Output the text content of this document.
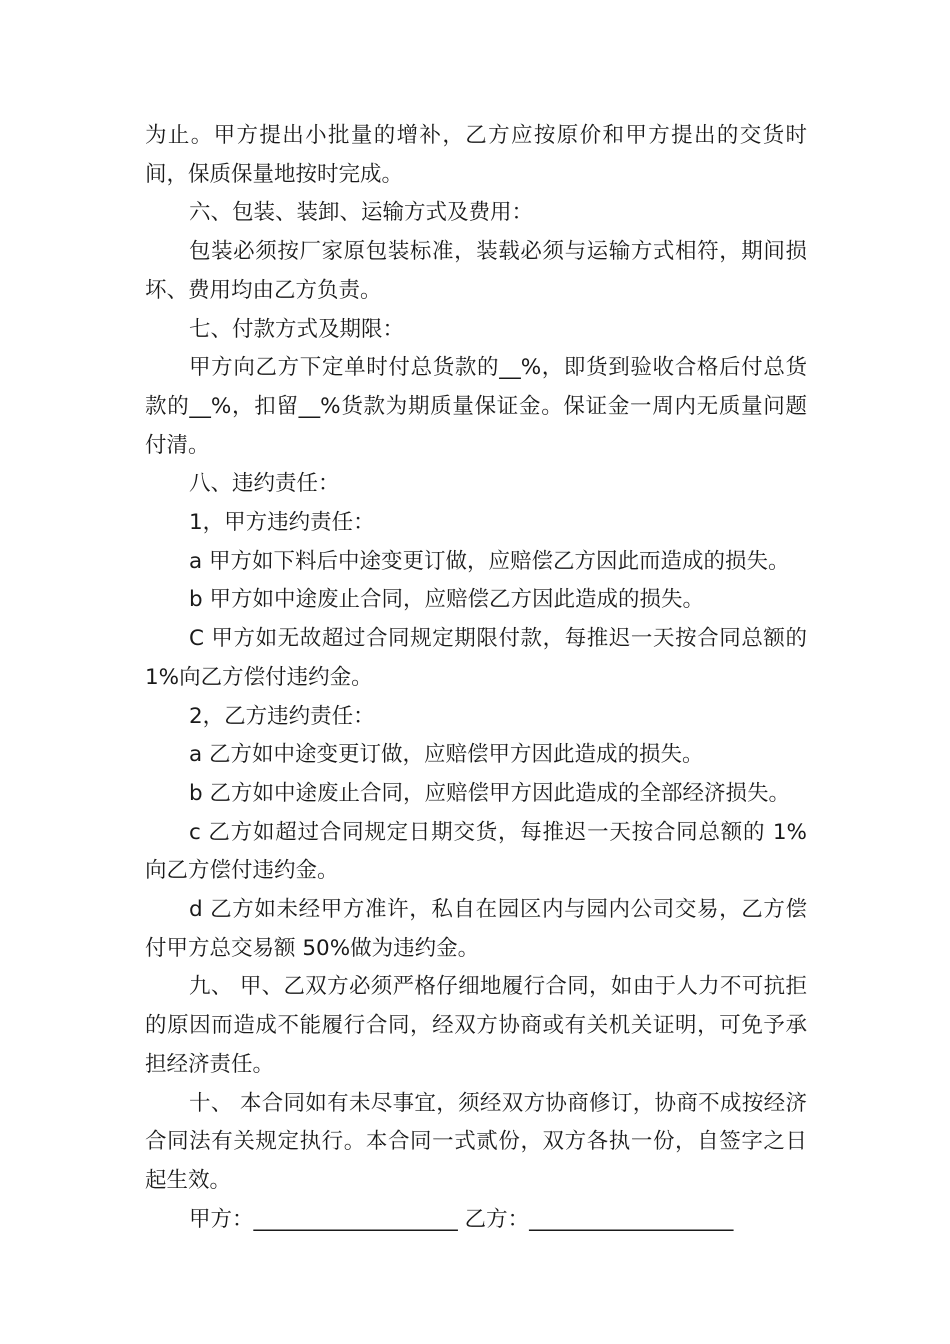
为止。甲方提出小批量的增补，乙方应按原价和甲方提出的交货时间，保质保量地按时完成。

六、包装、装卸、运输方式及费用：

包装必须按厂家原包装标准，装载必须与运输方式相符，期间损坏、费用均由乙方负责。

七、付款方式及期限：

甲方向乙方下定单时付总货款的__%，即货到验收合格后付总货款的__%，扣留__%货款为期质量保证金。保证金一周内无质量问题付清。

八、违约责任：

1，甲方违约责任：

a 甲方如下料后中途变更订做，应赔偿乙方因此而造成的损失。

b 甲方如中途废止合同，应赔偿乙方因此造成的损失。

C 甲方如无故超过合同规定期限付款，每推迟一天按合同总额的 1%向乙方偿付违约金。

2，乙方违约责任：

a 乙方如中途变更订做，应赔偿甲方因此造成的损失。

b 乙方如中途废止合同，应赔偿甲方因此造成的全部经济损失。

c 乙方如超过合同规定日期交货，每推迟一天按合同总额的 1%向乙方偿付违约金。

d 乙方如未经甲方准许，私自在园区内与园内公司交易，乙方偿付甲方总交易额 50%做为违约金。

九、 甲、乙双方必须严格仔细地履行合同，如由于人力不可抗拒的原因而造成不能履行合同，经双方协商或有关机关证明，可免予承担经济责任。

十、 本合同如有未尽事宜，须经双方协商修订，协商不成按经济合同法有关规定执行。本合同一式贰份，双方各执一份，自签字之日起生效。

甲方：___________________ 乙方：___________________
